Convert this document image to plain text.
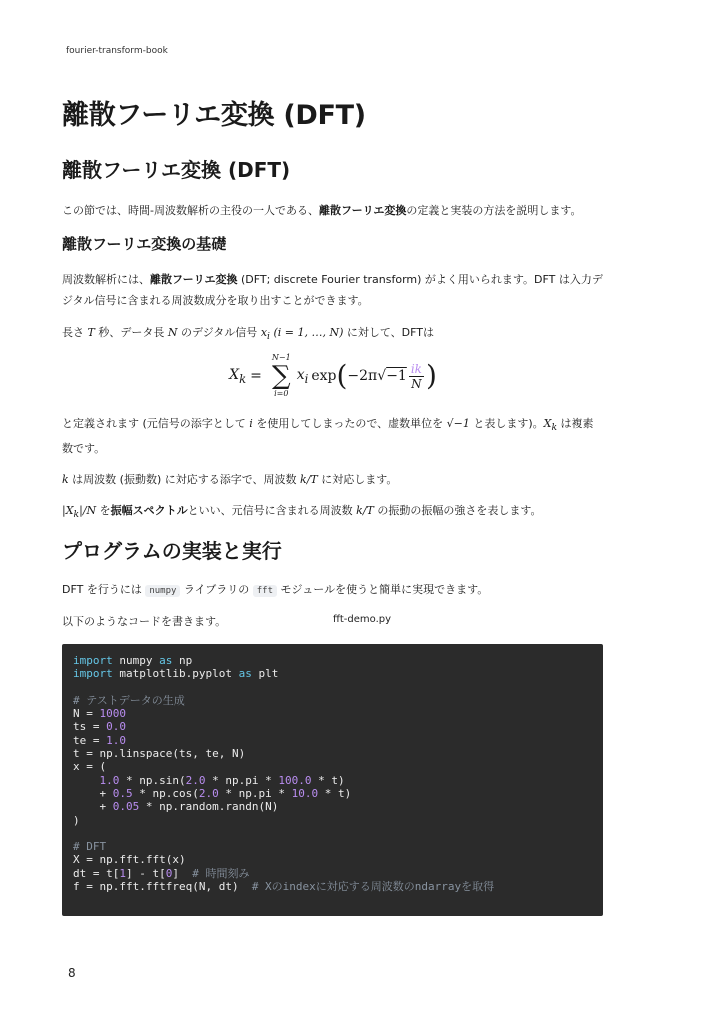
fourier-transform-book
離散フーリエ変換 (DFT)
離散フーリエ変換 (DFT)

この節では、時間-周波数解析の主役の一人である、離散フーリエ変換の定義と実装の方法を説明します。

離散フーリエ変換の基礎

周波数解析には、離散フーリエ変換 (DFT; discrete Fourier transform) がよく用いられます。DFT は入力デジタル信号に含まれる周波数成分を取り出すことができます。

長さ T 秒、データ長 N のデジタル信号 $x_i$ (i = 1, …, N) に対して、DFTは

$X_k$ =
N−1
∑
i=0
$x_i$ exp ( −2π √ $-1 \frac{ik}{N}$ )

と定義されます (元信号の添字として i を使用してしまったので、虚数単位を √−1 と表します)。$X_k$ は複素数です。

k は周波数 (振動数) に対応する添字で、周波数 k/T に対応します。

$|X_k|/N$ を振幅スペクトルといい、元信号に含まれる周波数 k/T の振動の振幅の強さを表します。

プログラムの実装と実行

DFT を行うには numpy ライブラリの fft モジュールを使うと簡単に実現できます。

以下のようなコードを書きます。	fft-demo.py
import numpy as np
import matplotlib.pyplot as plt

# テストデータの生成
N = 1000
ts = 0.0
te = 1.0
t = np.linspace(ts, te, N)
x = (
1.0 * np.sin(2.0 * np.pi * 100.0 * t)
+ 0.5 * np.cos(2.0 * np.pi * 10.0 * t)
+ 0.05 * np.random.randn(N)
)

# DFT
X = np.fft.fft(x)
dt = t[1] - t[0]  # 時間刻み
f = np.fft.fftfreq(N, dt)  # Xのindexに対応する周波数のndarrayを取得
8
